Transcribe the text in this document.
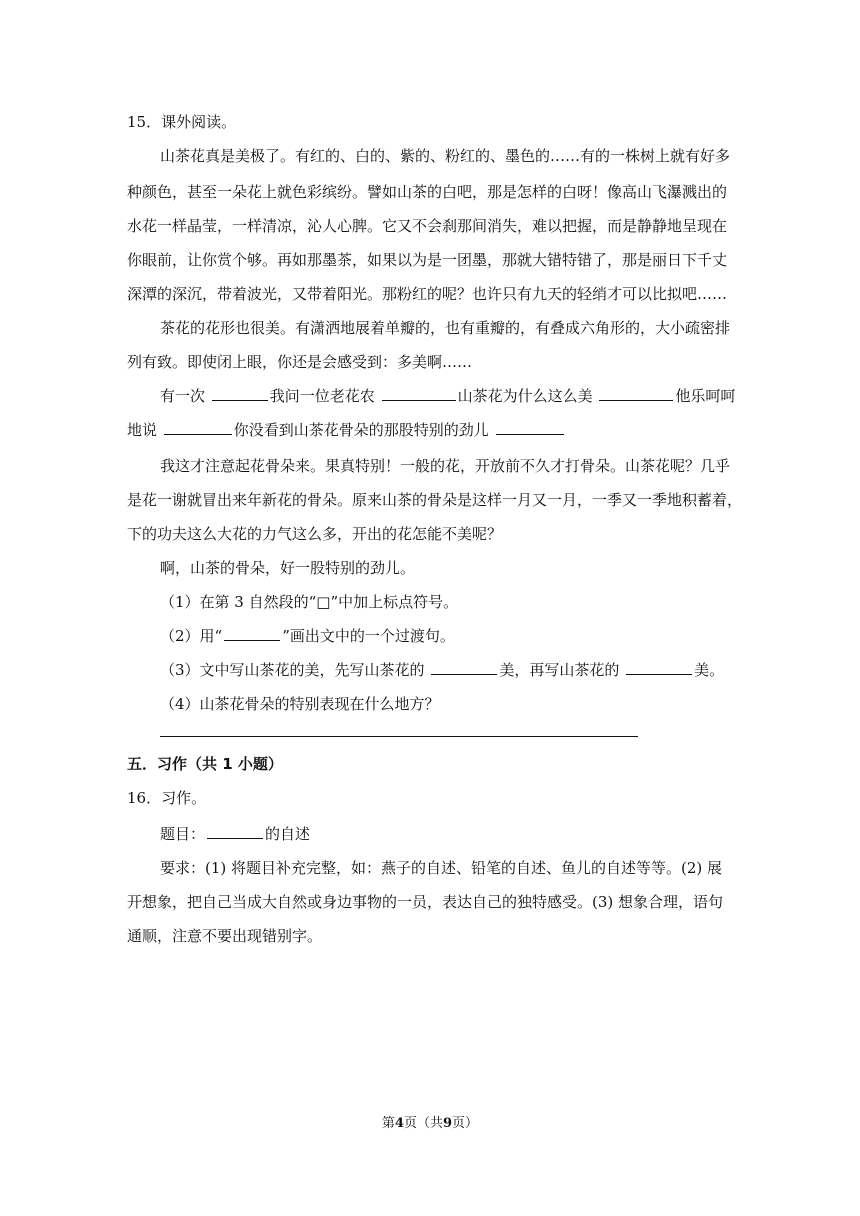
15．课外阅读。
山茶花真是美极了。有红的、白的、紫的、粉红的、墨色的……有的一株树上就有好多
种颜色，甚至一朵花上就色彩缤纷。譬如山茶的白吧，那是怎样的白呀！像高山飞瀑溅出的
水花一样晶莹，一样清凉，沁人心脾。它又不会刹那间消失，难以把握，而是静静地呈现在
你眼前，让你赏个够。再如那墨茶，如果以为是一团墨，那就大错特错了，那是丽日下千丈
深潭的深沉，带着波光，又带着阳光。那粉红的呢？也许只有九天的轻绡才可以比拟吧……
茶花的花形也很美。有潇洒地展着单瓣的，也有重瓣的，有叠成六角形的，大小疏密排
列有致。即使闭上眼，你还是会感受到：多美啊……
有一次	我问一位老花农	山茶花为什么这么美	他乐呵呵
地说	你没看到山茶花骨朵的那股特别的劲儿
我这才注意起花骨朵来。果真特别！一般的花，开放前不久才打骨朵。山茶花呢？几乎
是花一谢就冒出来年新花的骨朵。原来山茶的骨朵是这样一月又一月，一季又一季地积蓄着，
下的功夫这么大花的力气这么多，开出的花怎能不美呢？
啊，山茶的骨朵，好一股特别的劲儿。
（1）在第 3 自然段的“□”中加上标点符号。
（2）用“	”画出文中的一个过渡句。
（3）文中写山茶花的美，先写山茶花的	美，再写山茶花的	美。
（4）山茶花骨朵的特别表现在什么地方？
五．习作（共 1 小题）
16．习作。
题目：	的自述
要求：(1) 将题目补充完整，如：燕子的自述、铅笔的自述、鱼儿的自述等等。(2) 展
开想象，把自己当成大自然或身边事物的一员，表达自己的独特感受。(3) 想象合理，语句
通顺，注意不要出现错别字。
第4页（共9页）
